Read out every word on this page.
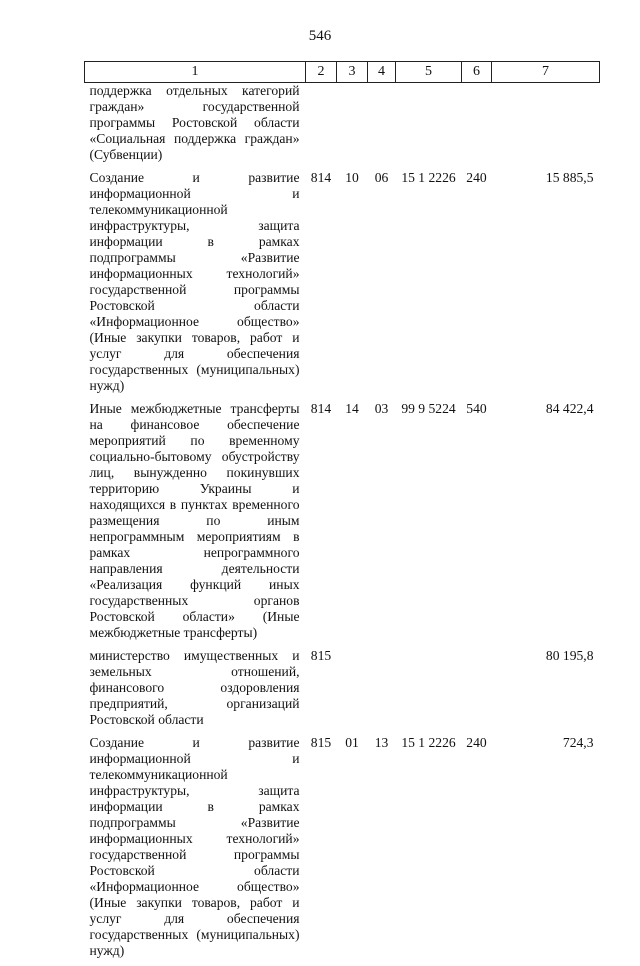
546
1	2	3	4	5	6	7
поддержка отдельных категорий граждан» государственной программы Ростовской области «Социальная поддержка граждан» (Субвенции)						
Создание и развитие информационной и телекоммуникационной инфраструктуры, защита информации в рамках подпрограммы «Развитие информационных технологий» государственной программы Ростовской области «Информационное общество» (Иные закупки товаров, работ и услуг для обеспечения государственных (муниципальных) нужд)	814	10	06	15 1 2226	240	15 885,5
Иные межбюджетные трансферты на финансовое обеспечение мероприятий по временному социально-бытовому обустройству лиц, вынужденно покинувших территорию Украины и находящихся в пунктах временного размещения по иным непрограммным мероприятиям в рамках непрограммного направления деятельности «Реализация функций иных государственных органов Ростовской области» (Иные межбюджетные трансферты)	814	14	03	99 9 5224	540	84 422,4
министерство имущественных и земельных отношений, финансового оздоровления предприятий, организаций Ростовской области	815					80 195,8
Создание и развитие информационной и телекоммуникационной инфраструктуры, защита информации в рамках подпрограммы «Развитие информационных технологий» государственной программы Ростовской области «Информационное общество» (Иные закупки товаров, работ и услуг для обеспечения государственных (муниципальных) нужд)	815	01	13	15 1 2226	240	724,3
